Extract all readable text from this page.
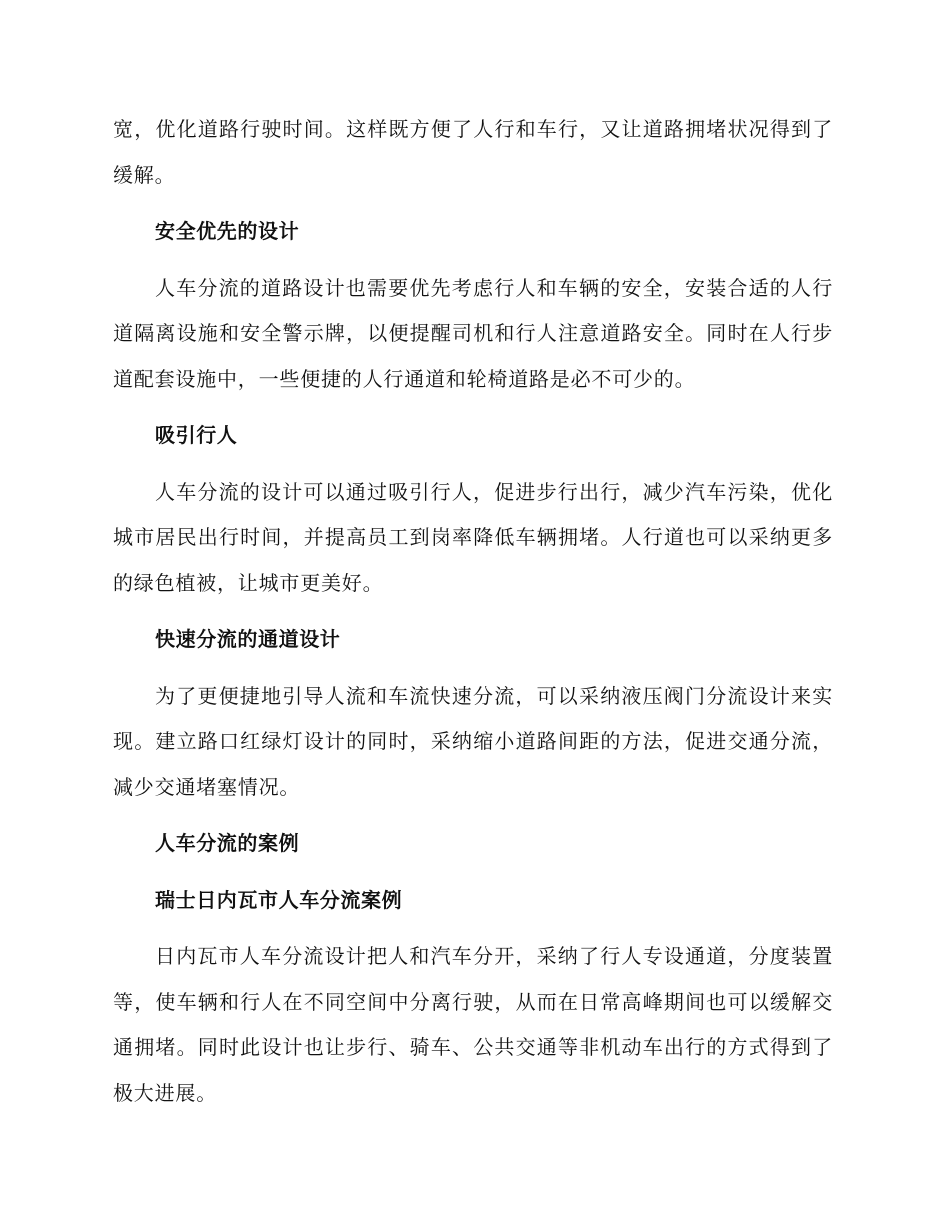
宽，优化道路行驶时间。这样既方便了人行和车行，又让道路拥堵状况得到了缓解。

安全优先的设计

人车分流的道路设计也需要优先考虑行人和车辆的安全，安装合适的人行道隔离设施和安全警示牌，以便提醒司机和行人注意道路安全。同时在人行步道配套设施中，一些便捷的人行通道和轮椅道路是必不可少的。

吸引行人

人车分流的设计可以通过吸引行人，促进步行出行，减少汽车污染，优化城市居民出行时间，并提高员工到岗率降低车辆拥堵。人行道也可以采纳更多的绿色植被，让城市更美好。

快速分流的通道设计

为了更便捷地引导人流和车流快速分流，可以采纳液压阀门分流设计来实现。建立路口红绿灯设计的同时，采纳缩小道路间距的方法，促进交通分流，减少交通堵塞情况。

人车分流的案例
瑞士日内瓦市人车分流案例

日内瓦市人车分流设计把人和汽车分开，采纳了行人专设通道，分度装置等，使车辆和行人在不同空间中分离行驶，从而在日常高峰期间也可以缓解交通拥堵。同时此设计也让步行、骑车、公共交通等非机动车出行的方式得到了极大进展。
